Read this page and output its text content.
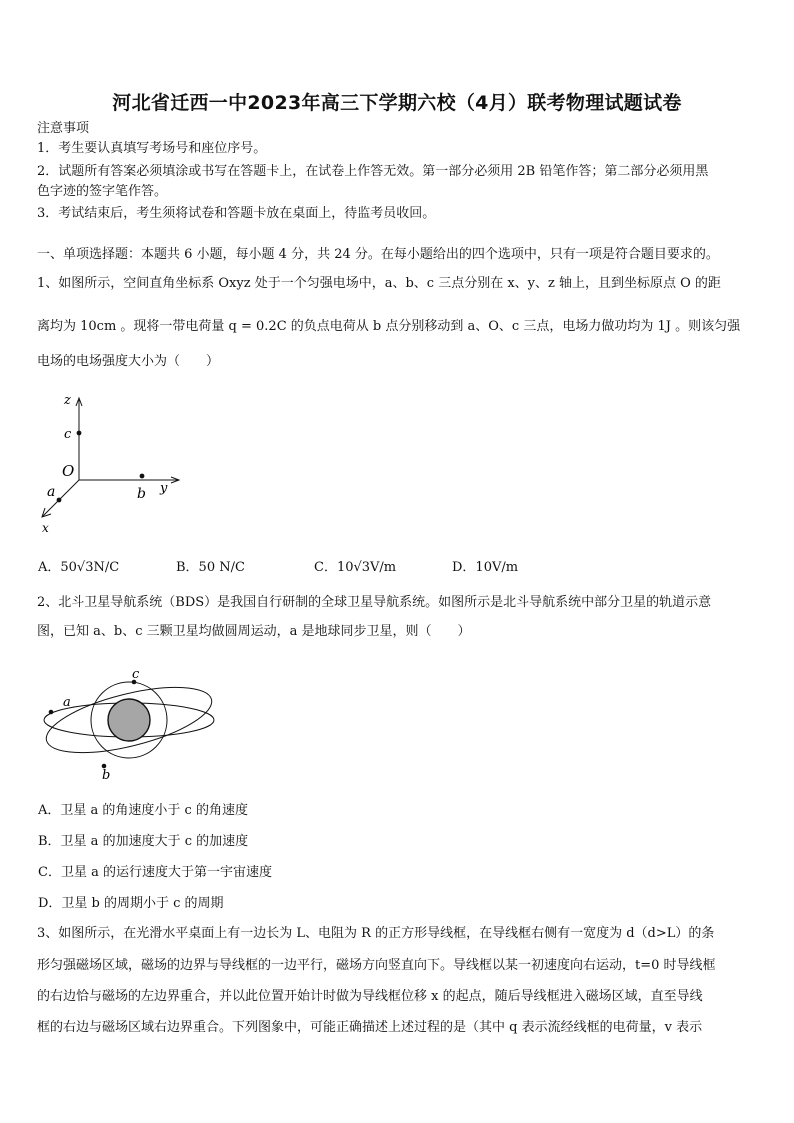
河北省迁西一中2023年高三下学期六校（4月）联考物理试题试卷
注意事项
1．考生要认真填写考场号和座位序号。
2．试题所有答案必须填涂或书写在答题卡上，在试卷上作答无效。第一部分必须用 2B 铅笔作答；第二部分必须用黑
色字迹的签字笔作答。
3．考试结束后，考生须将试卷和答题卡放在桌面上，待监考员收回。
一、单项选择题：本题共 6 小题，每小题 4 分，共 24 分。在每小题给出的四个选项中，只有一项是符合题目要求的。
1、如图所示，空间直角坐标系 Oxyz 处于一个匀强电场中，a、b、c 三点分别在 x、y、z 轴上，且到坐标原点 O 的距
离均为 10cm 。现将一带电荷量 q = 0.2C 的负点电荷从 b 点分别移动到 a、O、c 三点，电场力做功均为 1J 。则该匀强
电场的电场强度大小为（　　）
z
c
O
a	b y
x
A．50√3N/C	B．50 N/C	C．10√3V/m	D．10V/m
2、北斗卫星导航系统（BDS）是我国自行研制的全球卫星导航系统。如图所示是北斗导航系统中部分卫星的轨道示意
图，已知 a、b、c 三颗卫星均做圆周运动，a 是地球同步卫星，则（　　）
c
a
b
A．卫星 a 的角速度小于 c 的角速度
B．卫星 a 的加速度大于 c 的加速度
C．卫星 a 的运行速度大于第一宇宙速度
D．卫星 b 的周期小于 c 的周期
3、如图所示，在光滑水平桌面上有一边长为 L、电阻为 R 的正方形导线框，在导线框右侧有一宽度为 d（d>L）的条
形匀强磁场区域，磁场的边界与导线框的一边平行，磁场方向竖直向下。导线框以某一初速度向右运动，t=0 时导线框
的右边恰与磁场的左边界重合，并以此位置开始计时做为导线框位移 x 的起点，随后导线框进入磁场区域，直至导线
框的右边与磁场区域右边界重合。下列图象中，可能正确描述上述过程的是（其中 q 表示流经线框的电荷量，v 表示
